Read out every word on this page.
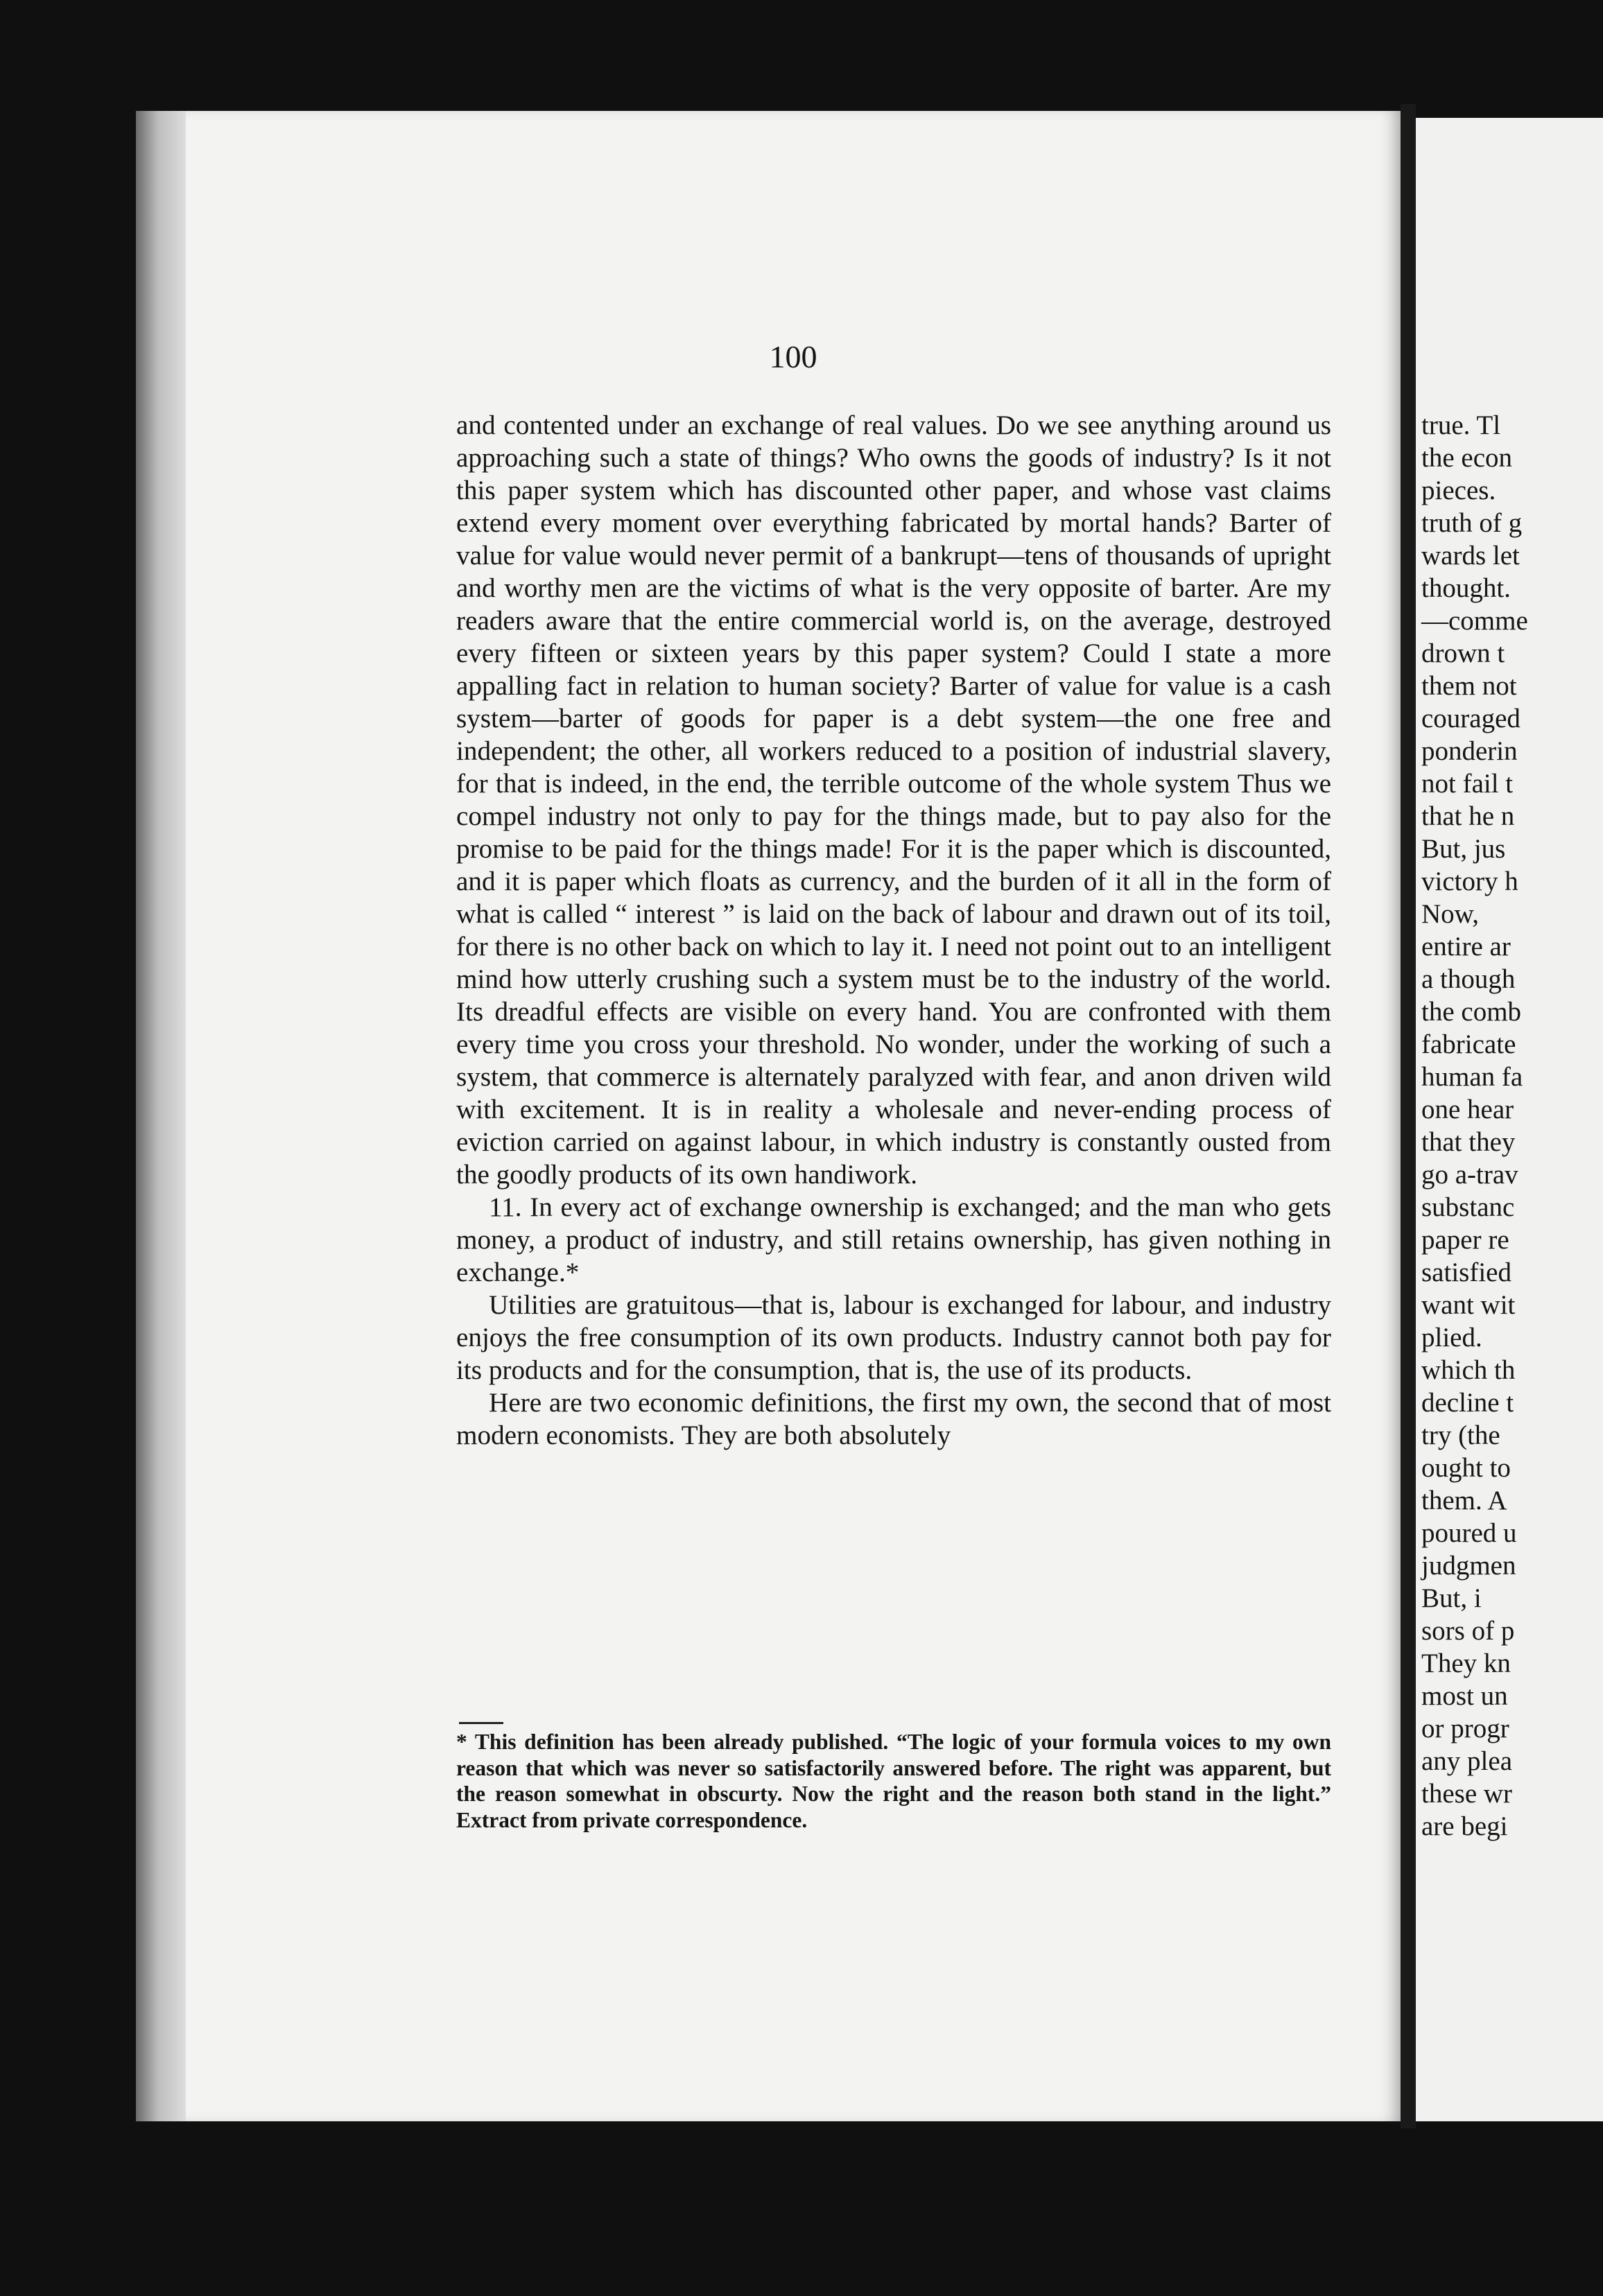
100

and contented under an exchange of real values. Do we see anything around us approaching such a state of things? Who owns the goods of industry? Is it not this paper system which has discounted other paper, and whose vast claims extend every moment over everything fabricated by mortal hands? Barter of value for value would never permit of a bankrupt—tens of thousands of upright and worthy men are the victims of what is the very opposite of barter. Are my readers aware that the entire commercial world is, on the average, destroyed every fifteen or sixteen years by this paper system? Could I state a more appalling fact in relation to human society? Barter of value for value is a cash system—barter of goods for paper is a debt system—the one free and independent; the other, all workers reduced to a position of industrial slavery, for that is indeed, in the end, the terrible outcome of the whole system Thus we compel industry not only to pay for the things made, but to pay also for the promise to be paid for the things made! For it is the paper which is discounted, and it is paper which floats as currency, and the burden of it all in the form of what is called “ interest ” is laid on the back of labour and drawn out of its toil, for there is no other back on which to lay it. I need not point out to an intelligent mind how utterly crushing such a system must be to the industry of the world. Its dreadful effects are visible on every hand. You are confronted with them every time you cross your threshold. No wonder, under the working of such a system, that commerce is alternately paralyzed with fear, and anon driven wild with excitement. It is in reality a wholesale and never-ending process of eviction carried on against labour, in which industry is constantly ousted from the goodly products of its own handiwork.

11. In every act of exchange ownership is exchanged; and the man who gets money, a product of industry, and still retains ownership, has given nothing in exchange.*

Utilities are gratuitous—that is, labour is exchanged for labour, and industry enjoys the free consumption of its own products. Industry cannot both pay for its products and for the consumption, that is, the use of its products.

Here are two economic definitions, the first my own, the second that of most modern economists. They are both absolutely

* This definition has been already published. “The logic of your formula voices to my own reason that which was never so satisfactorily answered before. The right was apparent, but the reason somewhat in obscurty. Now the right and the reason both stand in the light.” Extract from private correspondence.
true. Tl
the econ
pieces.
truth of g
wards let
thought.
—comme
drown t
them not
couraged
ponderin
not fail t
that he n
But, jus
victory h
Now,
entire ar
a though
the comb
fabricate
human fa
one hear
that they
go a-trav
substanc
paper re
satisfied
want wit
plied.
which th
decline t
try (the
ought to
them. A
poured u
judgmen
But, i
sors of p
They kn
most un
or progr
any plea
these wr
are begi
